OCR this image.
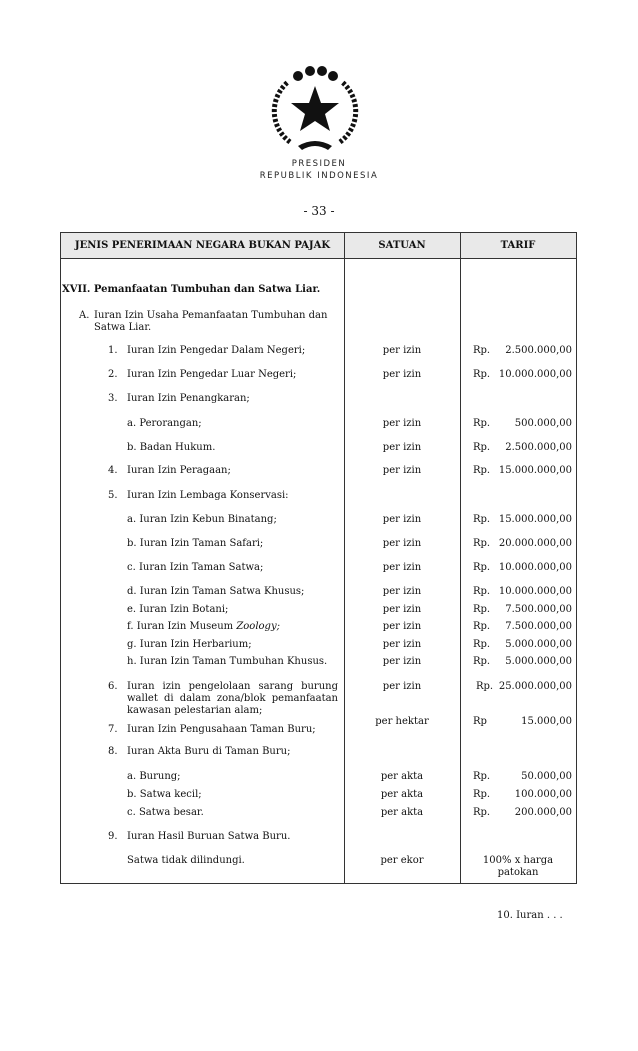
PRESIDEN
REPUBLIK INDONESIA
- 33 -
JENIS PENERIMAAN NEGARA BUKAN PAJAK	SATUAN	TARIF
XVII. Pemanfaatan Tumbuhan dan Satwa Liar.
A. Iuran Izin Usaha Pemanfaatan Tumbuhan dan
Satwa Liar.
1. Iuran Izin Pengedar Dalam Negeri;	per izin	Rp.	2.500.000,00
2. Iuran Izin Pengedar Luar Negeri;	per izin	Rp. 10.000.000,00
3. Iuran Izin Penangkaran;
a. Perorangan;	per izin	Rp.	500.000,00
b. Badan Hukum.	per izin	Rp.	2.500.000,00
4. Iuran Izin Peragaan;	per izin	Rp. 15.000.000,00
5. Iuran Izin Lembaga Konservasi:
a. Iuran Izin Kebun Binatang;	per izin	Rp. 15.000.000,00
b. Iuran Izin Taman Safari;	per izin	Rp. 20.000.000,00
c. Iuran Izin Taman Satwa;	per izin	Rp. 10.000.000,00
d. Iuran Izin Taman Satwa Khusus;	per izin	Rp. 10.000.000,00
e. Iuran Izin Botani;	per izin	Rp.	7.500.000,00
f. Iuran Izin Museum Zoology;	per izin	Rp.	7.500.000,00
g. Iuran Izin Herbarium;	per izin	Rp.	5.000.000,00
h. Iuran Izin Taman Tumbuhan Khusus.	per izin	Rp.	5.000.000,00
6. Iuran izin pengelolaan sarang burung
wallet di dalam zona/blok pemanfaatan
kawasan pelestarian alam;
per izin	Rp. 25.000.000,00
7. Iuran Izin Pengusahaan Taman Buru;
per hektar	Rp	15.000,00
8. Iuran Akta Buru di Taman Buru;
a. Burung;	per akta	Rp.	50.000,00
b. Satwa kecil;	per akta	Rp.	100.000,00
c. Satwa besar.	per akta	Rp.	200.000,00
9. Iuran Hasil Buruan Satwa Buru.
Satwa tidak dilindungi.	per ekor	100% x harga
patokan
10. Iuran . . .
